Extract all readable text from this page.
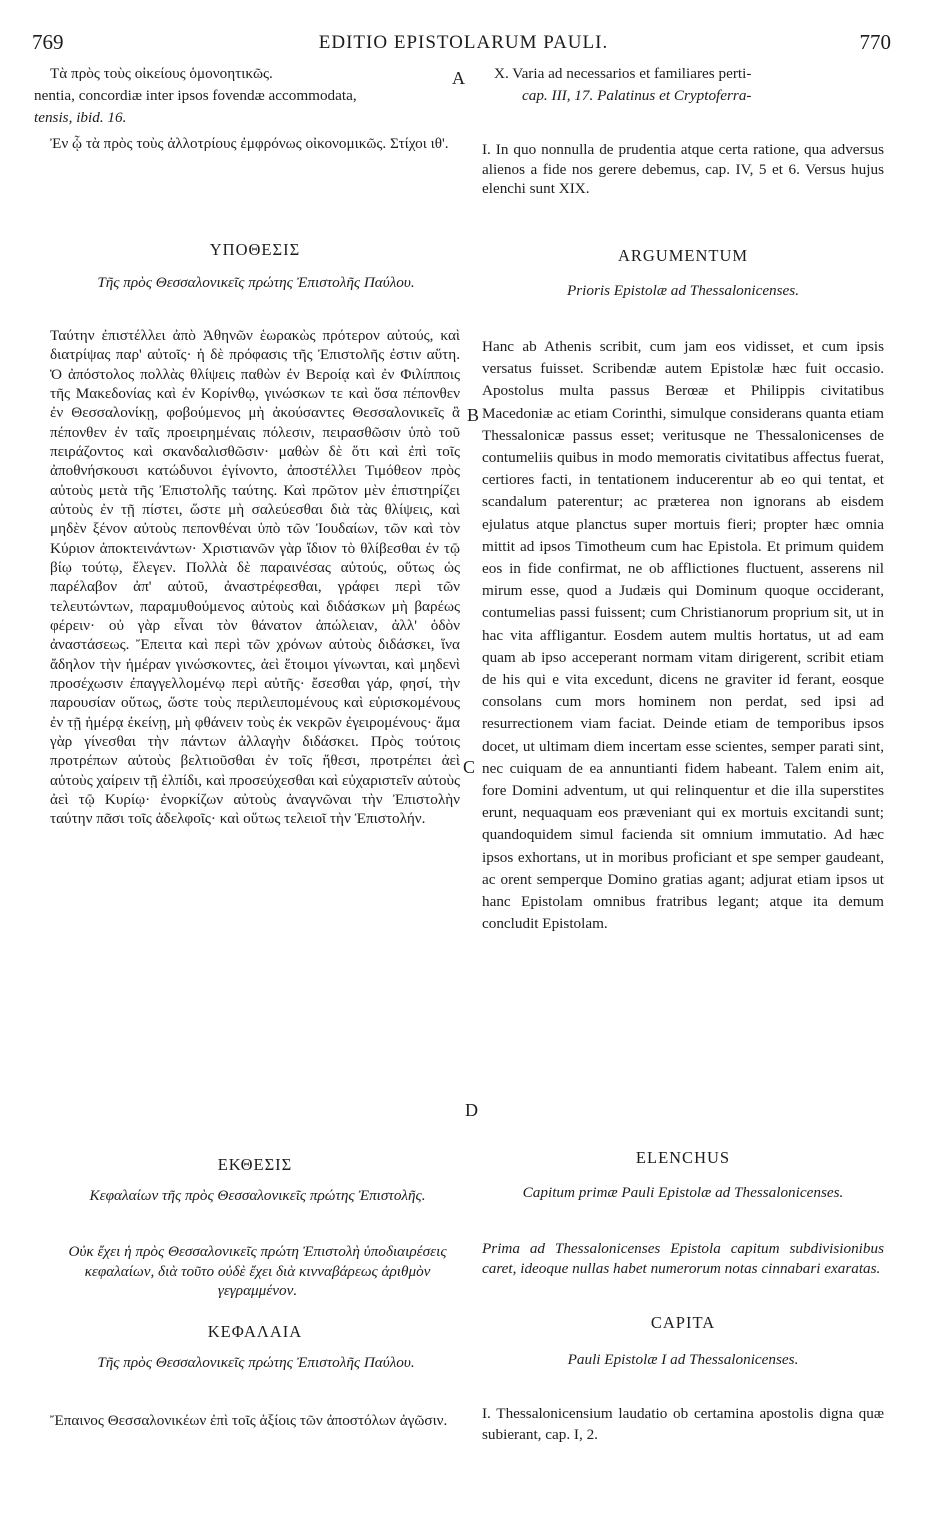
769	EDITIO EPISTOLARUM PAULI.	770
A
B
C
D
Τὰ πρὸς τοὺς οἰκείους ὁμονοητικῶς.	X. Varia ad necessarios et familiares perti-
nentia, concordiæ inter ipsos fovendæ accommodata,	cap. III, 17. Palatinus et Cryptoferra-
tensis, ibid. 16.
Ἐν ᾧ τὰ πρὸς τοὺς ἀλλοτρίους ἐμφρόνως οἰκονομικῶς. Στίχοι ιθ'.	I. In quo nonnulla de prudentia atque certa ratione, qua adversus alienos a fide nos gerere debemus, cap. IV, 5 et 6. Versus hujus elenchi sunt XIX.
ΥΠΟΘΕΣΙΣ
Τῆς πρὸς Θεσσαλονικεῖς πρώτης Ἐπιστολῆς Παύλου.
Ταύτην ἐπιστέλλει ἀπὸ Ἀθηνῶν ἑωρακὼς πρότερον αὐτούς, καὶ διατρίψας παρ' αὐτοῖς· ἡ δὲ πρόφασις τῆς Ἐπιστολῆς ἐστιν αὕτη. Ὁ ἀπόστολος πολλὰς θλίψεις παθὼν ἐν Βεροίᾳ καὶ ἐν Φιλίπποις τῆς Μακεδονίας καὶ ἐν Κορίνθῳ, γινώσκων τε καὶ ὅσα πέπονθεν ἐν Θεσσαλονίκῃ, φοβούμενος μὴ ἀκούσαντες Θεσσαλονικεῖς ἃ πέπονθεν ἐν ταῖς προειρημέναις πόλεσιν, πειρασθῶσιν ὑπὸ τοῦ πειράζοντος καὶ σκανδαλισθῶσιν· μαθὼν δὲ ὅτι καὶ ἐπὶ τοῖς ἀποθνήσκουσι κατώδυνοι ἐγίνοντο, ἀποστέλλει Τιμόθεον πρὸς αὐτοὺς μετὰ τῆς Ἐπιστολῆς ταύτης. Καὶ πρῶτον μὲν ἐπιστηρίζει αὐτοὺς ἐν τῇ πίστει, ὥστε μὴ σαλεύεσθαι διὰ τὰς θλίψεις, καὶ μηδὲν ξένον αὐτοὺς πεπονθέναι ὑπὸ τῶν Ἰουδαίων, τῶν καὶ τὸν Κύριον ἀποκτεινάντων· Χριστιανῶν γὰρ ἴδιον τὸ θλίβεσθαι ἐν τῷ βίῳ τούτῳ, ἔλεγεν. Πολλὰ δὲ παραινέσας αὐτούς, οὕτως ὡς παρέλαβον ἀπ' αὐτοῦ, ἀναστρέφεσθαι, γράφει περὶ τῶν τελευτώντων, παραμυθούμενος αὐτοὺς καὶ διδάσκων μὴ βαρέως φέρειν· οὐ γὰρ εἶναι τὸν θάνατον ἀπώλειαν, ἀλλ' ὁδὸν ἀναστάσεως. Ἔπειτα καὶ περὶ τῶν χρόνων αὐτοὺς διδάσκει, ἵνα ἄδηλον τὴν ἡμέραν γινώσκοντες, ἀεὶ ἕτοιμοι γίνωνται, καὶ μηδενὶ προσέχωσιν ἐπαγγελλομένῳ περὶ αὐτῆς· ἔσεσθαι γάρ, φησί, τὴν παρουσίαν οὕτως, ὥστε τοὺς περιλειπομένους καὶ εὑρισκομένους ἐν τῇ ἡμέρᾳ ἐκείνῃ, μὴ φθάνειν τοὺς ἐκ νεκρῶν ἐγειρομένους· ἅμα γὰρ γίνεσθαι τὴν πάντων ἀλλαγὴν διδάσκει. Πρὸς τούτοις προτρέπων αὐτοὺς βελτιοῦσθαι ἐν τοῖς ἤθεσι, προτρέπει ἀεὶ αὐτοὺς χαίρειν τῇ ἐλπίδι, καὶ προσεύχεσθαι καὶ εὐχαριστεῖν αὐτοὺς ἀεὶ τῷ Κυρίῳ· ἐνορκίζων αὐτοὺς ἀναγνῶναι τὴν Ἐπιστολὴν ταύτην πᾶσι τοῖς ἀδελφοῖς· καὶ οὕτως τελειοῖ τὴν Ἐπιστολήν.
ΕΚΘΕΣΙΣ
Κεφαλαίων τῆς πρὸς Θεσσαλονικεῖς πρώτης Ἐπιστολῆς.
Οὐκ ἔχει ἡ πρὸς Θεσσαλονικεῖς πρώτη Ἐπιστολὴ ὑποδιαιρέσεις κεφαλαίων, διὰ τοῦτο οὐδὲ ἔχει διὰ κινναβάρεως ἀριθμὸν γεγραμμένον.
ΚΕΦΑΛΑΙΑ
Τῆς πρὸς Θεσσαλονικεῖς πρώτης Ἐπιστολῆς Παύλου.
Ἔπαινος Θεσσαλονικέων ἐπὶ τοῖς ἀξίοις τῶν ἀποστόλων ἀγῶσιν.
ARGUMENTUM
Prioris Epistolæ ad Thessalonicenses.
Hanc ab Athenis scribit, cum jam eos vidisset, et cum ipsis versatus fuisset. Scribendæ autem Epistolæ hæc fuit occasio. Apostolus multa passus Berœæ et Philippis civitatibus Macedoniæ ac etiam Corinthi, simulque considerans quanta etiam Thessalonicæ passus esset; veritusque ne Thessalonicenses de contumeliis quibus in modo memoratis civitatibus affectus fuerat, certiores facti, in tentationem inducerentur ab eo qui tentat, et scandalum paterentur; ac præterea non ignorans ab eisdem ejulatus atque planctus super mortuis fieri; propter hæc omnia mittit ad ipsos Timotheum cum hac Epistola. Et primum quidem eos in fide confirmat, ne ob afflictiones fluctuent, asserens nil mirum esse, quod a Judæis qui Dominum quoque occiderant, contumelias passi fuissent; cum Christianorum proprium sit, ut in hac vita affligantur. Eosdem autem multis hortatus, ut ad eam quam ab ipso acceperant normam vitam dirigerent, scribit etiam de his qui e vita excedunt, dicens ne graviter id ferant, eosque consolans cum mors hominem non perdat, sed ipsi ad resurrectionem viam faciat. Deinde etiam de temporibus ipsos docet, ut ultimam diem incertam esse scientes, semper parati sint, nec cuiquam de ea annuntianti fidem habeant. Talem enim ait, fore Domini adventum, ut qui relinquentur et die illa superstites erunt, nequaquam eos præveniant qui ex mortuis excitandi sunt; quandoquidem simul facienda sit omnium immutatio. Ad hæc ipsos exhortans, ut in moribus proficiant et spe semper gaudeant, ac orent semperque Domino gratias agant; adjurat etiam ipsos ut hanc Epistolam omnibus fratribus legant; atque ita demum concludit Epistolam.
ELENCHUS
Capitum primæ Pauli Epistolæ ad Thessalonicenses.
Prima ad Thessalonicenses Epistola capitum subdivisionibus caret, ideoque nullas habet numerorum notas cinnabari exaratas.
CAPITA
Pauli Epistolæ I ad Thessalonicenses.
I. Thessalonicensium laudatio ob certamina apostolis digna quæ subierant, cap. I, 2.
